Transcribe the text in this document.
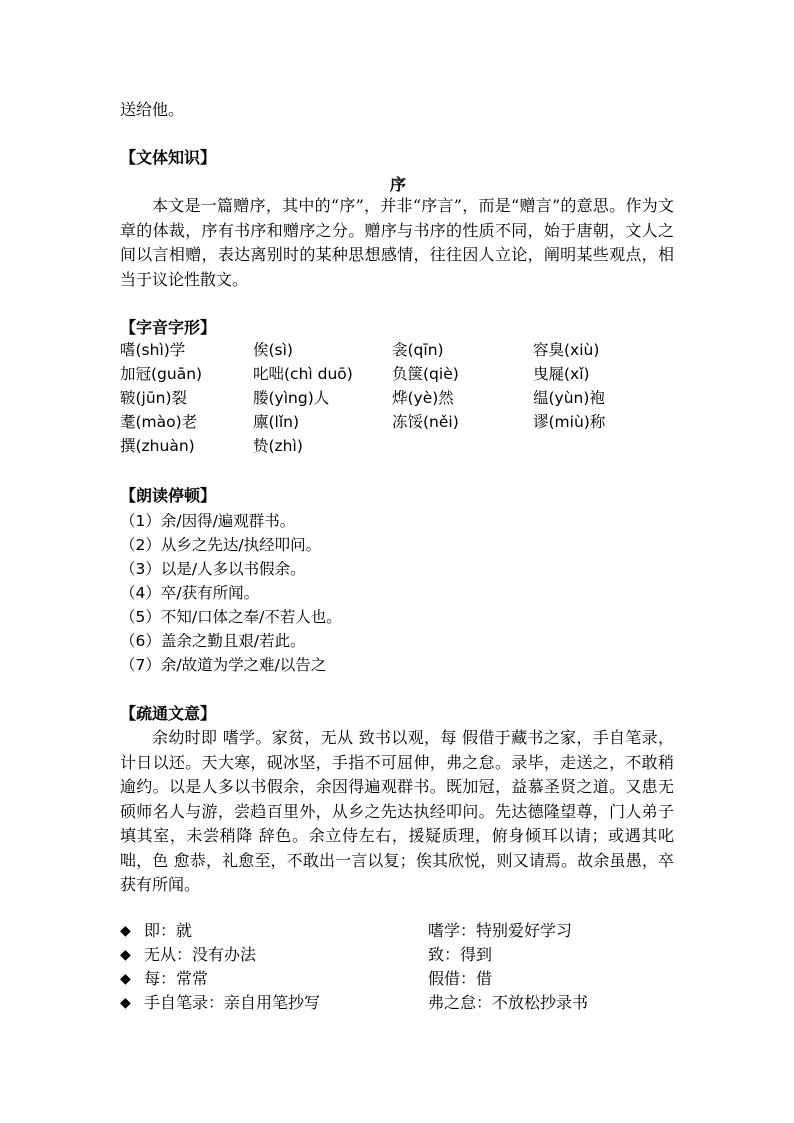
送给他。
【文体知识】
序
本文是一篇赠序，其中的“序”，并非“序言”，而是“赠言”的意思。作为文章的体裁，序有书序和赠序之分。赠序与书序的性质不同，始于唐朝，文人之间以言相赠，表达离别时的某种思想感情，往往因人立论，阐明某些观点，相当于议论性散文。
【字音字形】
嗜(shì)学	俟(sì)	衾(qīn)	容臭(xiù)
加冠(guān)	叱咄(chì duō)	负箧(qiè)	曳屣(xǐ)
皲(jūn)裂	媵(yìng)人	烨(yè)然	缊(yùn)袍
耄(mào)老	廪(lǐn)	冻馁(něi)	谬(miù)称
撰(zhuàn)	贽(zhì)
【朗读停顿】
（1）余/因得/遍观群书。
（2）从乡之先达/执经叩问。
（3）以是/人多以书假余。
（4）卒/获有所闻。
（5）不知/口体之奉/不若人也。
（6）盖余之勤且艰/若此。
（7）余/故道为学之难/以告之
【疏通文意】
余幼时即 嗜学。家贫，无从 致书以观，每 假借于藏书之家，手自笔录，计日以还。天大寒，砚冰坚，手指不可屈伸，弗之怠。录毕，走送之，不敢稍逾约。以是人多以书假余，余因得遍观群书。既加冠，益慕圣贤之道。又患无硕师名人与游，尝趋百里外，从乡之先达执经叩问。先达德隆望尊，门人弟子填其室，未尝稍降 辞色。余立侍左右，援疑质理，俯身倾耳以请；或遇其叱咄，色 愈恭，礼愈至，不敢出一言以复；俟其欣悦，则又请焉。故余虽愚，卒获有所闻。
◆ 即：就	嗜学：特别爱好学习
◆ 无从：没有办法	致：得到
◆ 每：常常	假借：借
◆ 手自笔录：亲自用笔抄写	弗之怠：不放松抄录书
